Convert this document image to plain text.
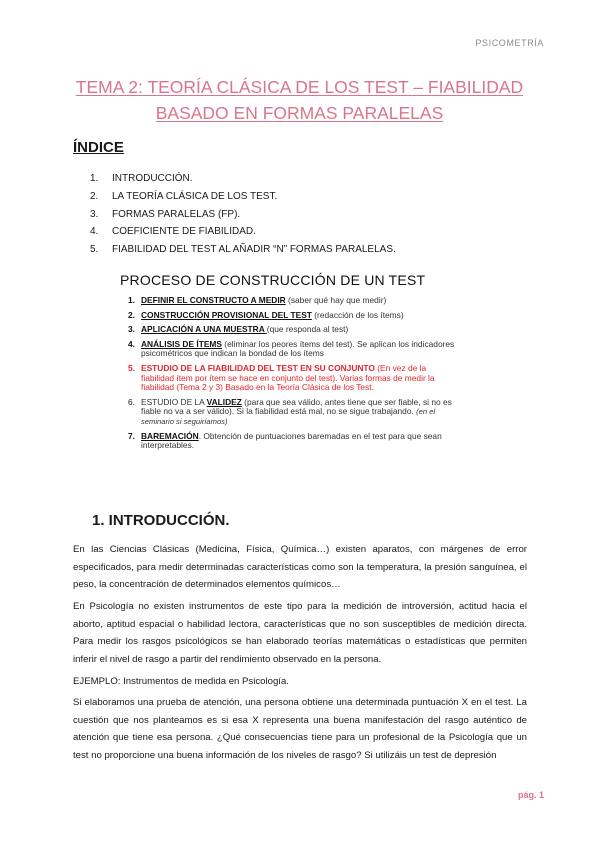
PSICOMETRÍA
TEMA 2: TEORÍA CLÁSICA DE LOS TEST – FIABILIDAD
BASADO EN FORMAS PARALELAS
ÍNDICE
1. INTRODUCCIÓN.
2. LA TEORÍA CLÁSICA DE LOS TEST.
3. FORMAS PARALELAS (FP).
4. COEFICIENTE DE FIABILIDAD.
5. FIABILIDAD DEL TEST AL AÑADIR “N” FORMAS PARALELAS.
PROCESO DE CONSTRUCCIÓN DE UN TEST
1. DEFINIR EL CONSTRUCTO A MEDIR (saber qué hay que medir)
2. CONSTRUCCIÓN PROVISIONAL DEL TEST (redacción de los ítems)
3. APLICACIÓN A UNA MUESTRA (que responda al test)
4. ANÁLISIS DE ÍTEMS (eliminar los peores ítems del test). Se aplican los indicadores psicométricos que indican la bondad de los ítems
5. ESTUDIO DE LA FIABILIDAD DEL TEST EN SU CONJUNTO (En vez de la fiabilidad ítem por ítem se hace en conjunto del test). Varias formas de medir la fiabilidad (Tema 2 y 3) Basado en la Teoría Clásica de los Test.
6. ESTUDIO DE LA VALIDEZ (para que sea válido, antes tiene que ser fiable, si no es fiable no va a ser válido). Si la fiabilidad está mal, no se sigue trabajando. (en el seminario si seguiríamos)
7. BAREMACIÓN. Obtención de puntuaciones baremadas en el test para que sean interpretables.
1. INTRODUCCIÓN.

En las Ciencias Clásicas (Medicina, Física, Química…) existen aparatos, con márgenes de error especificados, para medir determinadas características como son la temperatura, la presión sanguínea, el peso, la concentración de determinados elementos químicos…

En Psicología no existen instrumentos de este tipo para la medición de introversión, actitud hacia el aborto, aptitud espacial o habilidad lectora, características que no son susceptibles de medición directa. Para medir los rasgos psicológicos se han elaborado teorías matemáticas o estadísticas que permiten inferir el nivel de rasgo a partir del rendimiento observado en la persona.

EJEMPLO: Instrumentos de medida en Psicología.

Si elaboramos una prueba de atención, una persona obtiene una determinada puntuación X en el test. La cuestión que nos planteamos es si esa X representa una buena manifestación del rasgo auténtico de atención que tiene esa persona. ¿Qué consecuencias tiene para un profesional de la Psicología que un test no proporcione una buena información de los niveles de rasgo? Si utilizáis un test de depresión

pág. 1
